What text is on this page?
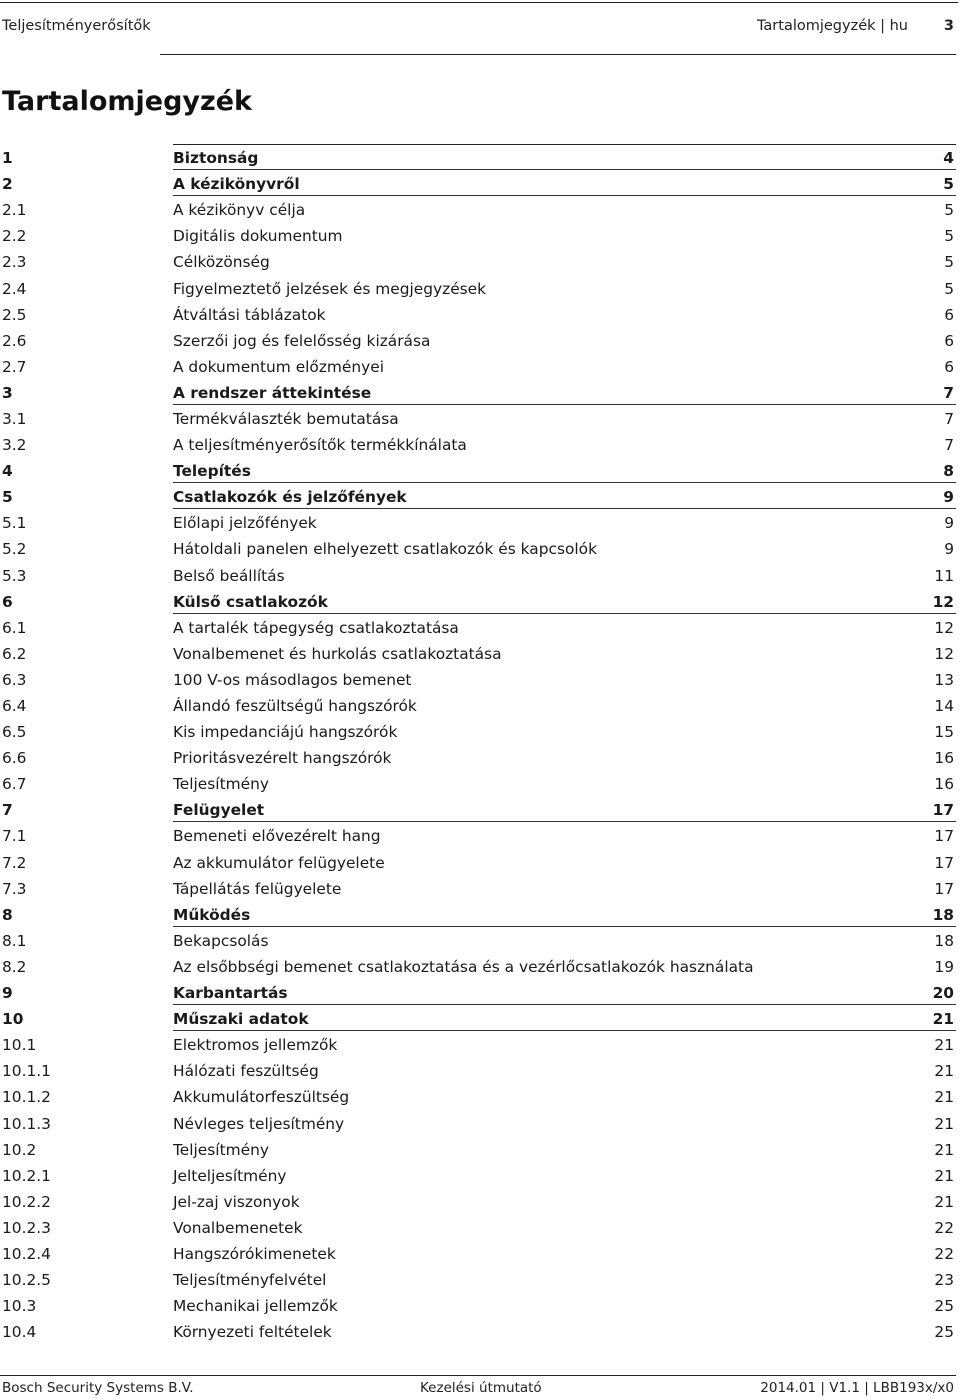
Teljesítményerősítők	Tartalomjegyzék | hu 3
Tartalomjegyzék
1	Biztonság	4
2	A kézikönyvről	5
2.1	A kézikönyv célja	5
2.2	Digitális dokumentum	5
2.3	Célközönség	5
2.4	Figyelmeztető jelzések és megjegyzések	5
2.5	Átváltási táblázatok	6
2.6	Szerzői jog és felelősség kizárása	6
2.7	A dokumentum előzményei	6
3	A rendszer áttekintése	7
3.1	Termékválaszték bemutatása	7
3.2	A teljesítményerősítők termékkínálata	7
4	Telepítés	8
5	Csatlakozók és jelzőfények	9
5.1	Előlapi jelzőfények	9
5.2	Hátoldali panelen elhelyezett csatlakozók és kapcsolók	9
5.3	Belső beállítás	11
6	Külső csatlakozók	12
6.1	A tartalék tápegység csatlakoztatása	12
6.2	Vonalbemenet és hurkolás csatlakoztatása	12
6.3	100 V-os másodlagos bemenet	13
6.4	Állandó feszültségű hangszórók	14
6.5	Kis impedanciájú hangszórók	15
6.6	Prioritásvezérelt hangszórók	16
6.7	Teljesítmény	16
7	Felügyelet	17
7.1	Bemeneti elővezérelt hang	17
7.2	Az akkumulátor felügyelete	17
7.3	Tápellátás felügyelete	17
8	Működés	18
8.1	Bekapcsolás	18
8.2	Az elsőbbségi bemenet csatlakoztatása és a vezérlőcsatlakozók használata	19
9	Karbantartás	20
10	Műszaki adatok	21
10.1	Elektromos jellemzők	21
10.1.1	Hálózati feszültség	21
10.1.2	Akkumulátorfeszültség	21
10.1.3	Névleges teljesítmény	21
10.2	Teljesítmény	21
10.2.1	Jelteljesítmény	21
10.2.2	Jel-zaj viszonyok	21
10.2.3	Vonalbemenetek	22
10.2.4	Hangszórókimenetek	22
10.2.5	Teljesítményfelvétel	23
10.3	Mechanikai jellemzők	25
10.4	Környezeti feltételek	25
Bosch Security Systems B.V.	Kezelési útmutató	2014.01 | V1.1 | LBB193x/x0
